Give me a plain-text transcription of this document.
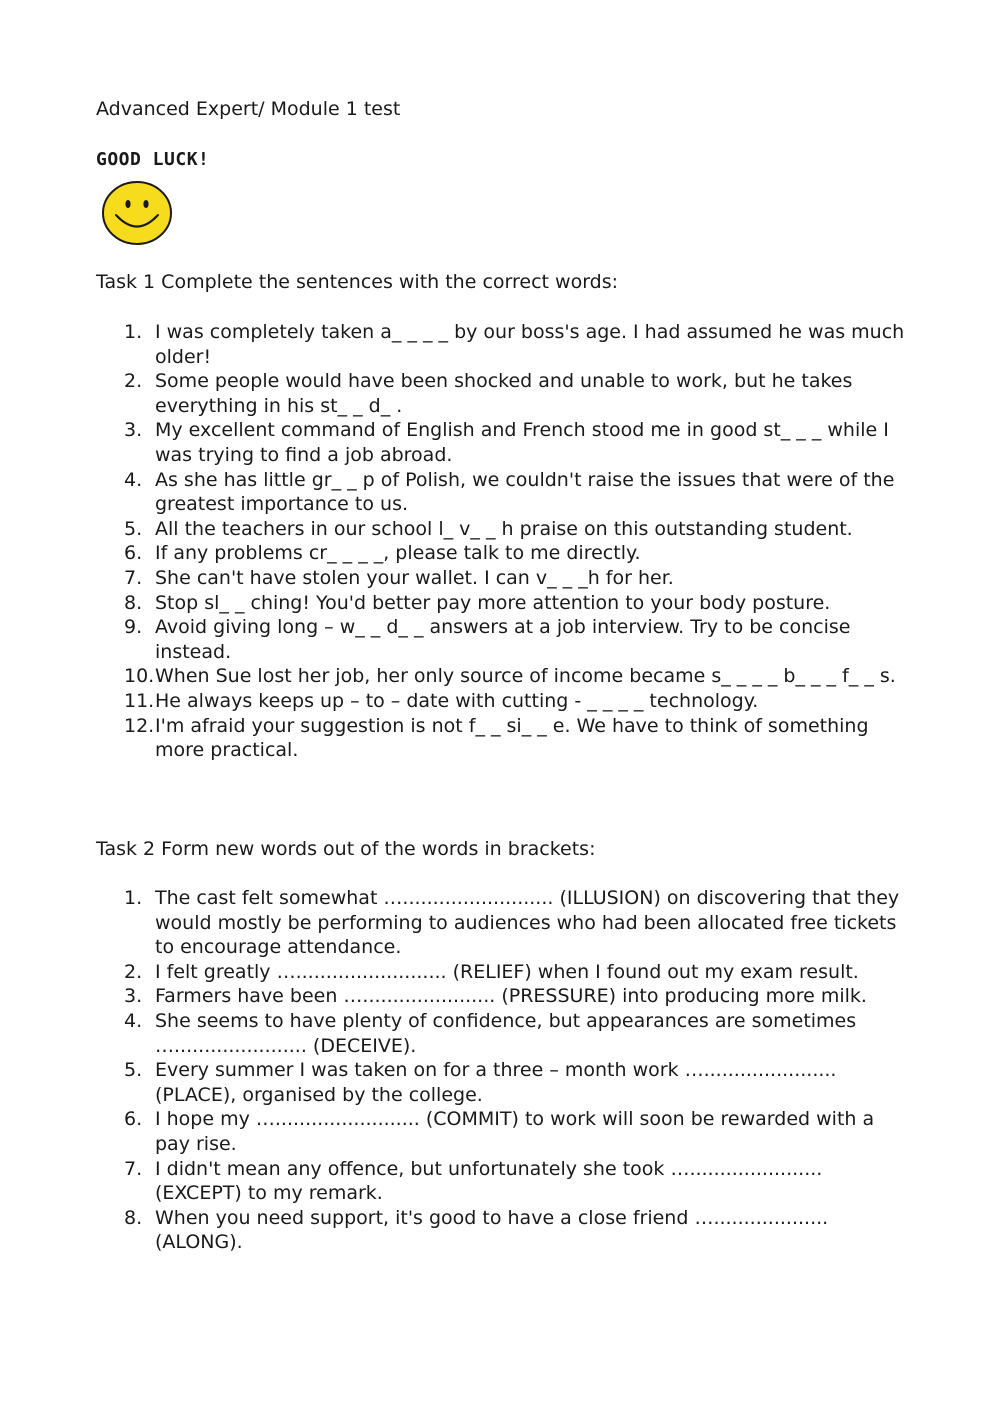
Advanced Expert/ Module 1 test
GOOD LUCK!
Task 1 Complete the sentences with the correct words:
1. I was completely taken a_ _ _ _ by our boss's age. I had assumed he was much older!
2. Some people would have been shocked and unable to work, but he takes everything in his st_ _ d_ .
3. My excellent command of English and French stood me in good st_ _ _ while I was trying to find a job abroad.
4. As she has little gr_ _ p of Polish, we couldn't raise the issues that were of the greatest importance to us.
5. All the teachers in our school l_ v_ _ h praise on this outstanding student.
6. If any problems cr_ _ _ _, please talk to me directly.
7. She can't have stolen your wallet. I can v_ _ _h for her.
8. Stop sl_ _ ching! You'd better pay more attention to your body posture.
9. Avoid giving long – w_ _ d_ _ answers at a job interview. Try to be concise instead.
10. When Sue lost her job, her only source of income became s_ _ _ _ b_ _ _ f_ _ s.
11. He always keeps up – to – date with cutting - _ _ _ _ technology.
12. I'm afraid your suggestion is not f_ _ si_ _ e. We have to think of something more practical.
Task 2 Form new words out of the words in brackets:
1. The cast felt somewhat …......................... (ILLUSION) on discovering that they would mostly be performing to audiences who had been allocated free tickets to encourage attendance.
2. I felt greatly …......................... (RELIEF) when I found out my exam result.
3. Farmers have been …...................... (PRESSURE) into producing more milk.
4. She seems to have plenty of confidence, but appearances are sometimes …...................... (DECEIVE).
5. Every summer I was taken on for a three – month work …...................... (PLACE), organised by the college.
6. I hope my …........................ (COMMIT) to work will soon be rewarded with a pay rise.
7. I didn't mean any offence, but unfortunately she took …...................... (EXCEPT) to my remark.
8. When you need support, it's good to have a close friend …................... (ALONG).
